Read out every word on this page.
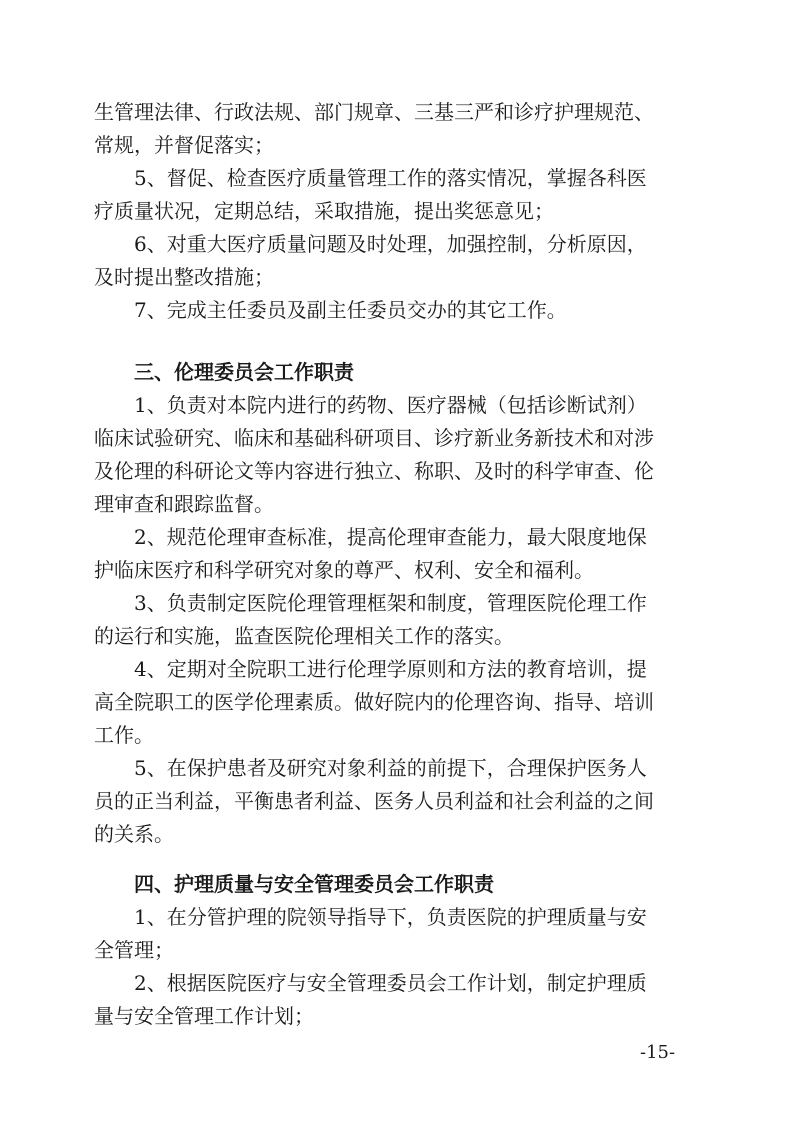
生管理法律、行政法规、部门规章、三基三严和诊疗护理规范、
常规，并督促落实；
5、督促、检查医疗质量管理工作的落实情况，掌握各科医
疗质量状况，定期总结，采取措施，提出奖惩意见；
6、对重大医疗质量问题及时处理，加强控制，分析原因，
及时提出整改措施；
7、完成主任委员及副主任委员交办的其它工作。
三、伦理委员会工作职责
1、负责对本院内进行的药物、医疗器械（包括诊断试剂）
临床试验研究、临床和基础科研项目、诊疗新业务新技术和对涉
及伦理的科研论文等内容进行独立、称职、及时的科学审查、伦
理审查和跟踪监督。
2、规范伦理审查标准，提高伦理审查能力，最大限度地保
护临床医疗和科学研究对象的尊严、权利、安全和福利。
3、负责制定医院伦理管理框架和制度，管理医院伦理工作
的运行和实施，监查医院伦理相关工作的落实。
4、定期对全院职工进行伦理学原则和方法的教育培训，提
高全院职工的医学伦理素质。做好院内的伦理咨询、指导、培训
工作。
5、在保护患者及研究对象利益的前提下，合理保护医务人
员的正当利益，平衡患者利益、医务人员利益和社会利益的之间
的关系。
四、护理质量与安全管理委员会工作职责
1、在分管护理的院领导指导下，负责医院的护理质量与安
全管理；
2、根据医院医疗与安全管理委员会工作计划，制定护理质
量与安全管理工作计划；
-15-
